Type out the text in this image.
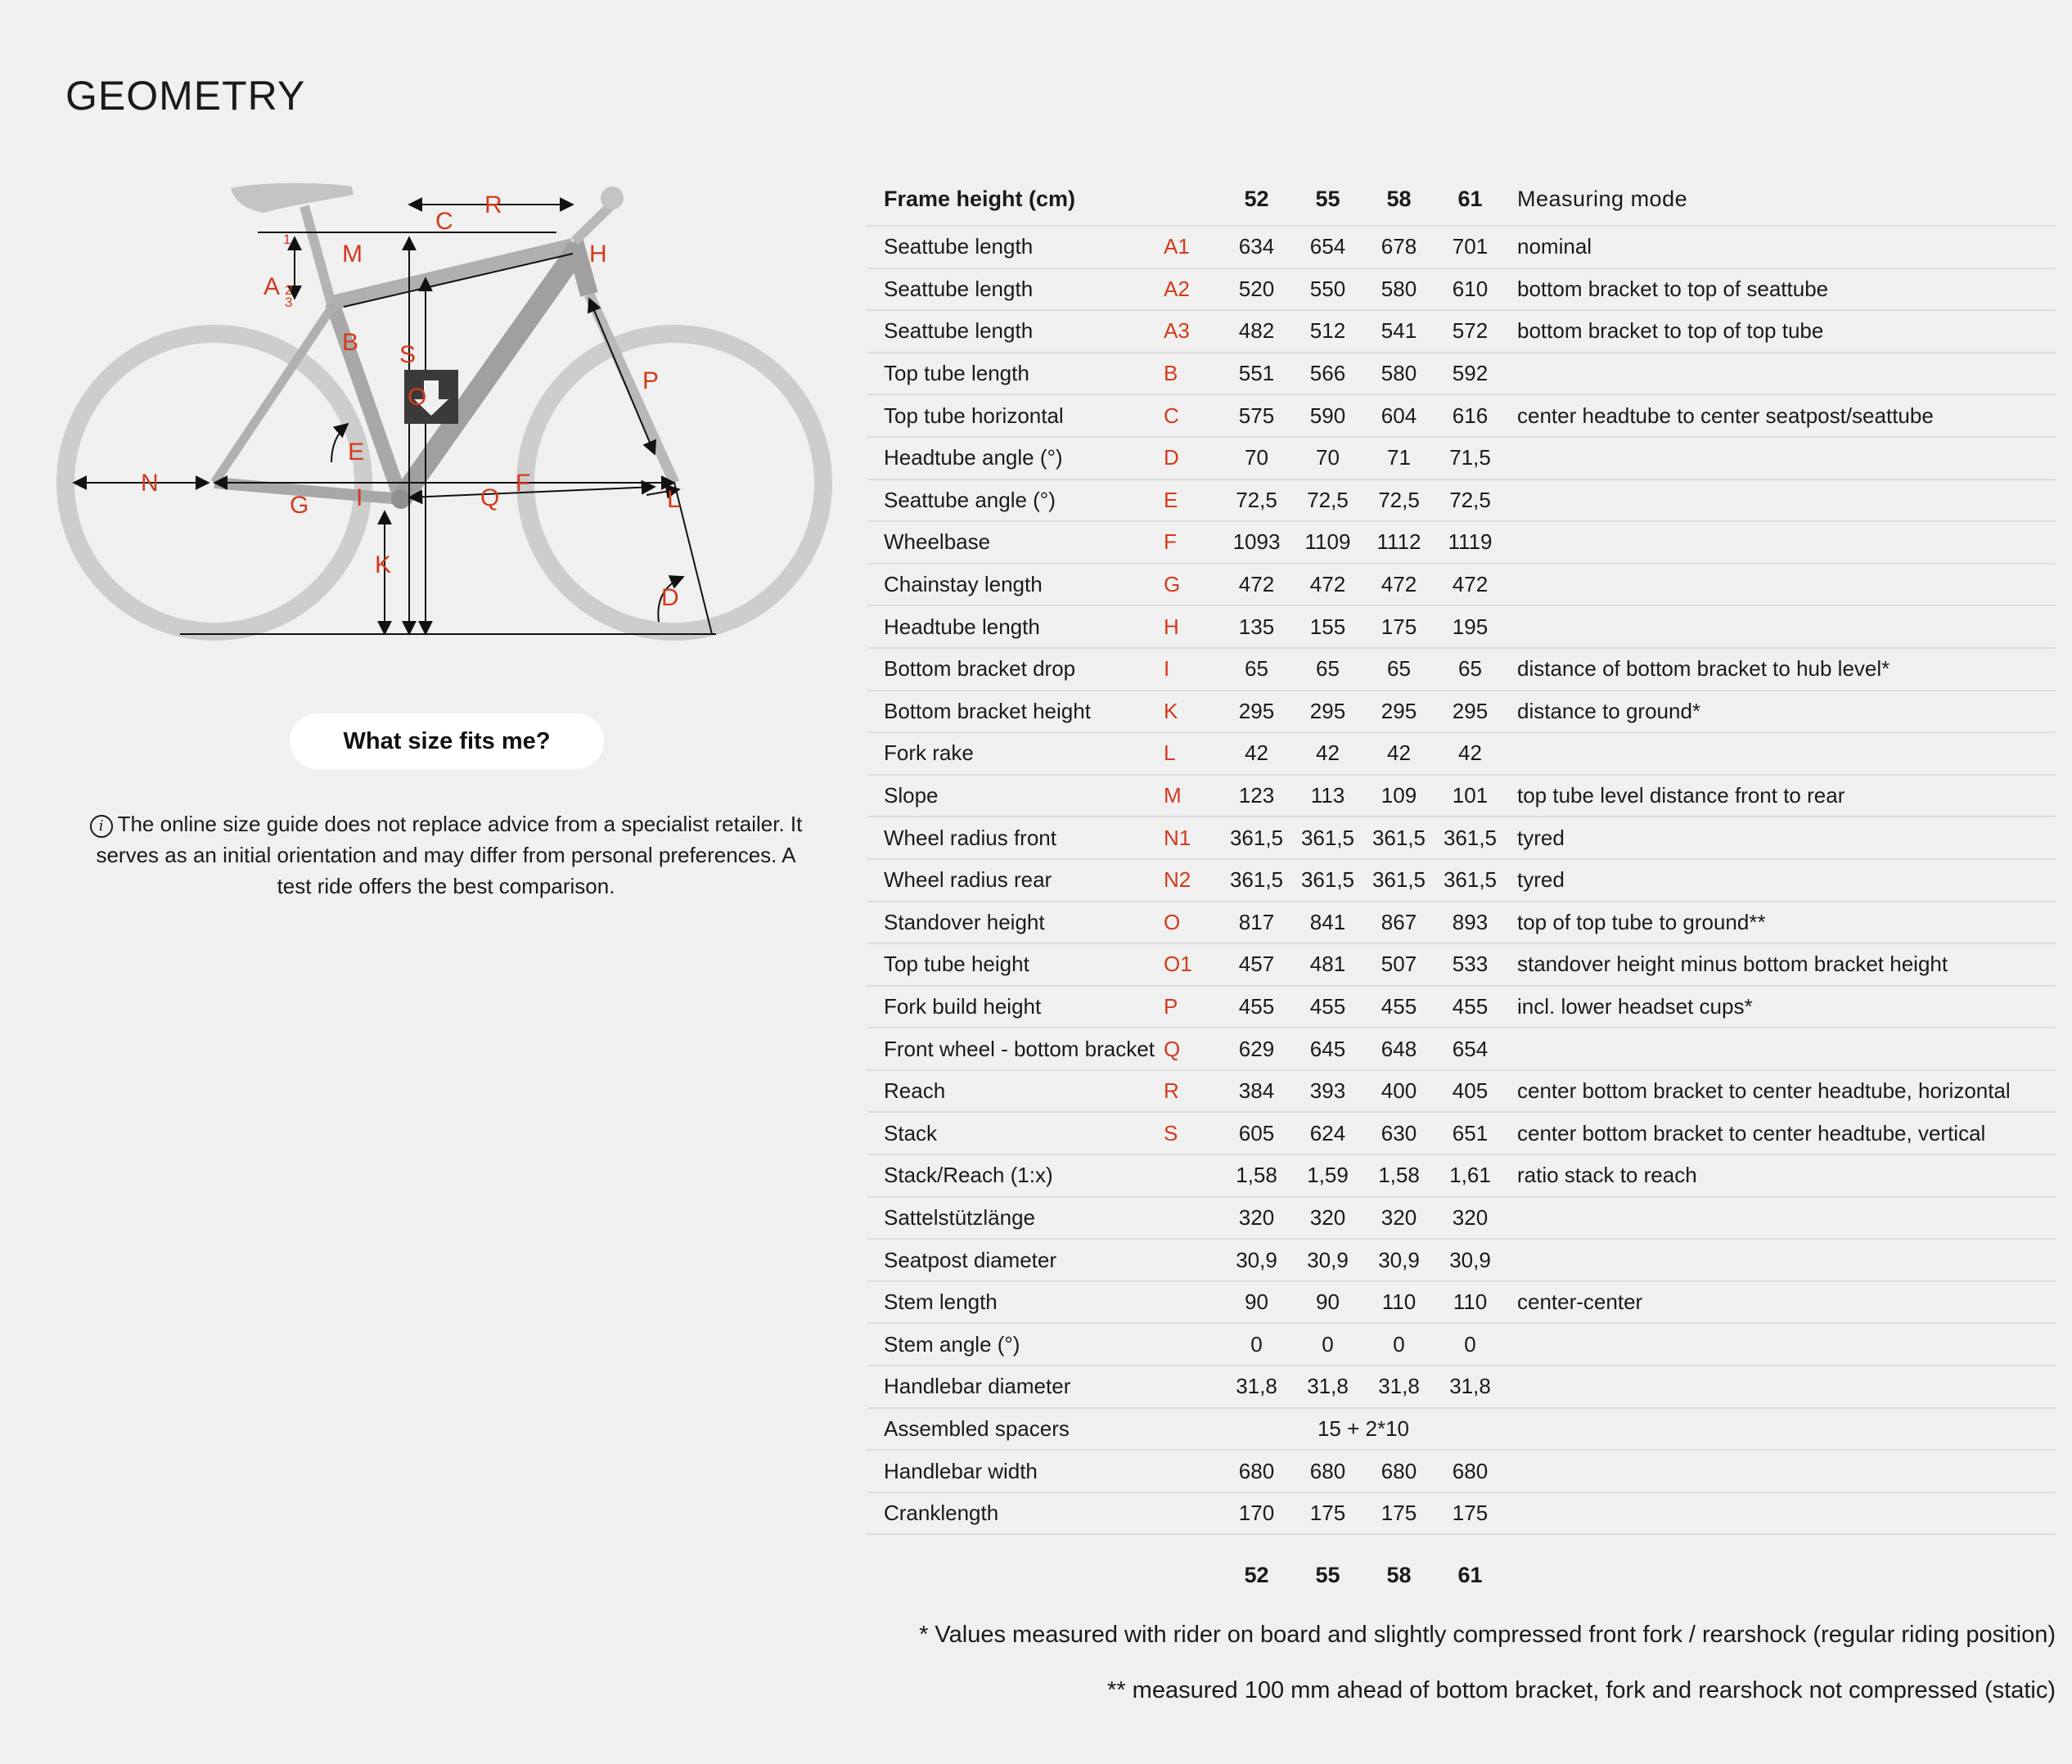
GEOMETRY
A 2
3
1
B
C
D
E
F
G
H
I
K
L
M
N
O
P
Q
R
S
What size fits me?
i The online size guide does not replace advice from a specialist retailer. It serves as an initial orientation and may differ from personal preferences. A test ride offers the best comparison.
Frame height (cm)		52	55	58	61	Measuring mode
Seattube length	A1	634	654	678	701	nominal
Seattube length	A2	520	550	580	610	bottom bracket to top of seattube
Seattube length	A3	482	512	541	572	bottom bracket to top of top tube
Top tube length	B	551	566	580	592	
Top tube horizontal	C	575	590	604	616	center headtube to center seatpost/seattube
Headtube angle (°)	D	70	70	71	71,5	
Seattube angle (°)	E	72,5	72,5	72,5	72,5	
Wheelbase	F	1093	1109	1112	1119	
Chainstay length	G	472	472	472	472	
Headtube length	H	135	155	175	195	
Bottom bracket drop	I	65	65	65	65	distance of bottom bracket to hub level*
Bottom bracket height	K	295	295	295	295	distance to ground*
Fork rake	L	42	42	42	42	
Slope	M	123	113	109	101	top tube level distance front to rear
Wheel radius front	N1	361,5	361,5	361,5	361,5	tyred
Wheel radius rear	N2	361,5	361,5	361,5	361,5	tyred
Standover height	O	817	841	867	893	top of top tube to ground**
Top tube height	O1	457	481	507	533	standover height minus bottom bracket height
Fork build height	P	455	455	455	455	incl. lower headset cups*
Front wheel - bottom bracket	Q	629	645	648	654	
Reach	R	384	393	400	405	center bottom bracket to center headtube, horizontal
Stack	S	605	624	630	651	center bottom bracket to center headtube, vertical
Stack/Reach (1:x)		1,58	1,59	1,58	1,61	ratio stack to reach
Sattelstützlänge		320	320	320	320	
Seatpost diameter		30,9	30,9	30,9	30,9	
Stem length		90	90	110	110	center-center
Stem angle (°)		0	0	0	0	
Handlebar diameter		31,8	31,8	31,8	31,8	
Assembled spacers		15 + 2*10				
Handlebar width		680	680	680	680	
Cranklength		170	175	175	175	
		52	55	58	61	
* Values measured with rider on board and slightly compressed front fork / rearshock (regular riding position)
** measured 100 mm ahead of bottom bracket, fork and rearshock not compressed (static)
